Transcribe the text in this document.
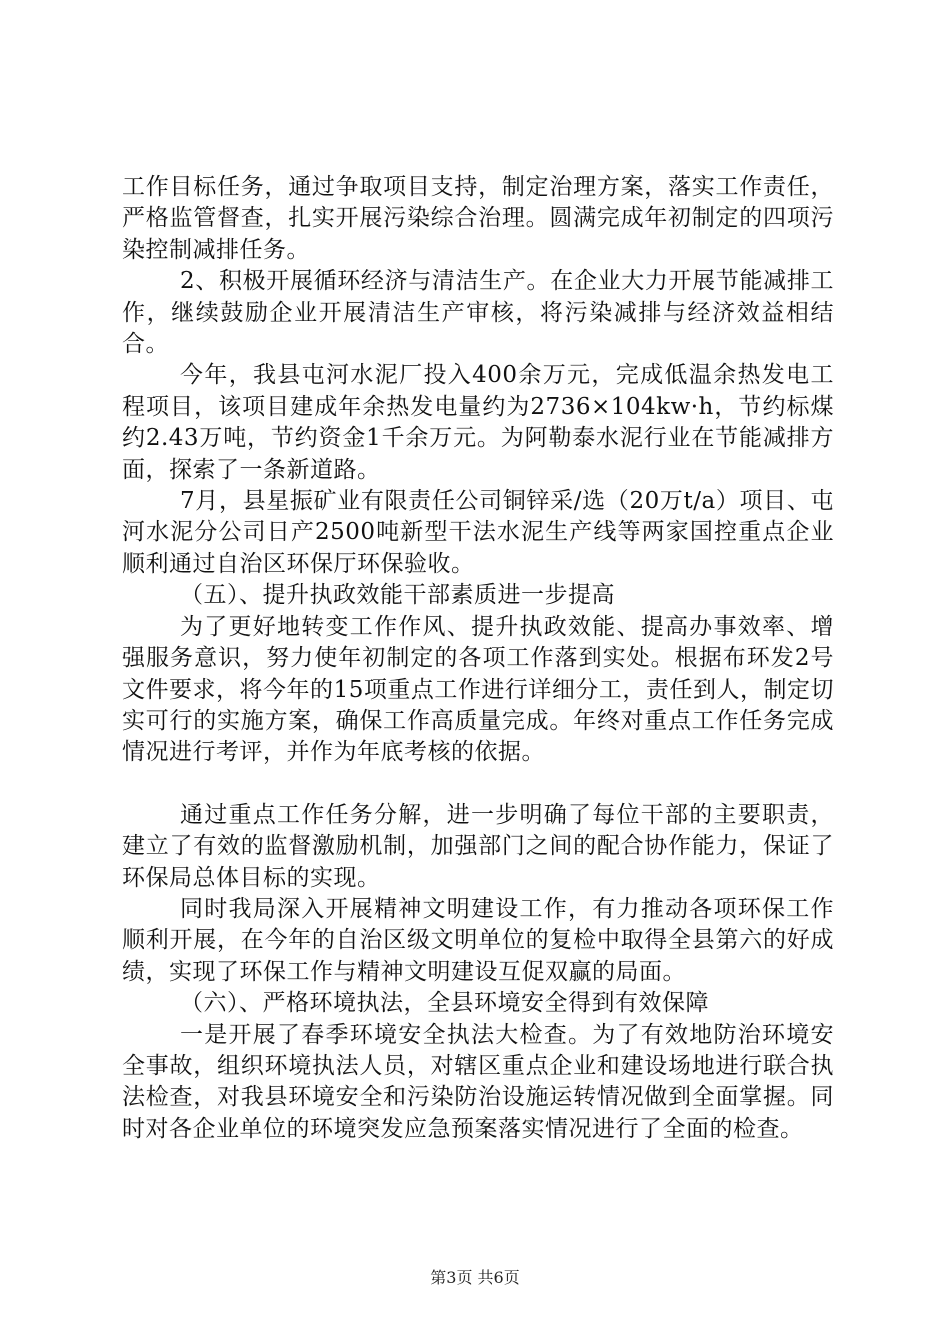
工作目标任务，通过争取项目支持，制定治理方案，落实工作责任，严格监管督查，扎实开展污染综合治理。圆满完成年初制定的四项污染控制减排任务。

2、积极开展循环经济与清洁生产。在企业大力开展节能减排工作，继续鼓励企业开展清洁生产审核，将污染减排与经济效益相结合。

今年，我县屯河水泥厂投入400余万元，完成低温余热发电工程项目，该项目建成年余热发电量约为2736×104kw·h，节约标煤约2.43万吨，节约资金1千余万元。为阿勒泰水泥行业在节能减排方面，探索了一条新道路。

7月，县星振矿业有限责任公司铜锌采/选（20万t/a）项目、屯河水泥分公司日产2500吨新型干法水泥生产线等两家国控重点企业顺利通过自治区环保厅环保验收。

（五）、提升执政效能干部素质进一步提高

为了更好地转变工作作风、提升执政效能、提高办事效率、增强服务意识，努力使年初制定的各项工作落到实处。根据布环发2号文件要求，将今年的15项重点工作进行详细分工，责任到人，制定切实可行的实施方案，确保工作高质量完成。年终对重点工作任务完成情况进行考评，并作为年底考核的依据。

通过重点工作任务分解，进一步明确了每位干部的主要职责，建立了有效的监督激励机制，加强部门之间的配合协作能力，保证了环保局总体目标的实现。

同时我局深入开展精神文明建设工作，有力推动各项环保工作顺利开展，在今年的自治区级文明单位的复检中取得全县第六的好成绩，实现了环保工作与精神文明建设互促双赢的局面。

（六）、严格环境执法，全县环境安全得到有效保障

一是开展了春季环境安全执法大检查。为了有效地防治环境安全事故，组织环境执法人员，对辖区重点企业和建设场地进行联合执法检查，对我县环境安全和污染防治设施运转情况做到全面掌握。同时对各企业单位的环境突发应急预案落实情况进行了全面的检查。

第3页 共6页
